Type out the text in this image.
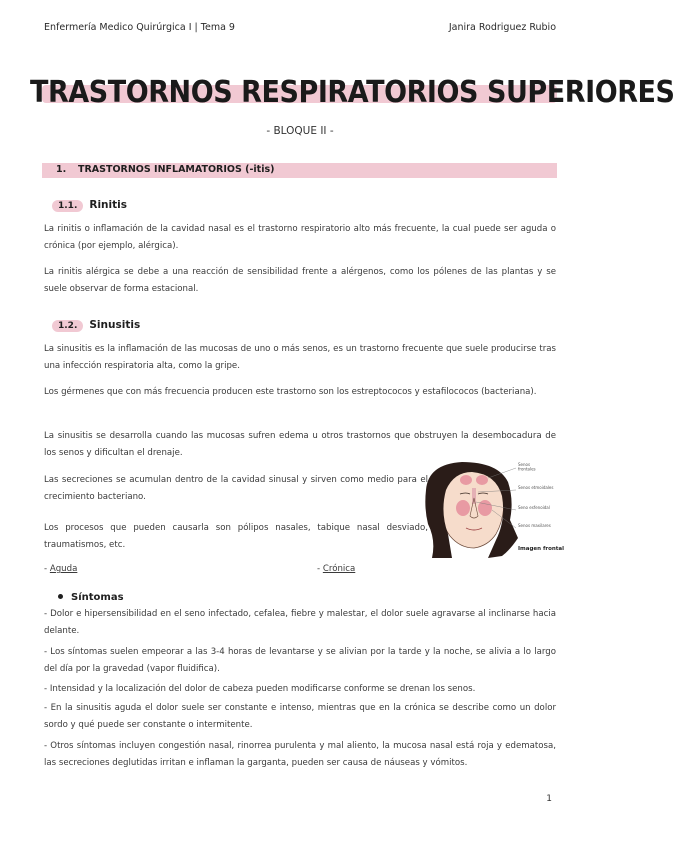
Enfermería Medico Quirúrgica I | Tema 9	Janira Rodriguez Rubio
TRASTORNOS RESPIRATORIOS SUPERIORES
- BLOQUE II -
1. TRASTORNOS INFLAMATORIOS (-itis)
1.1. Rinitis
La rinitis o inflamación de la cavidad nasal es el trastorno respiratorio alto más frecuente, la cual puede ser aguda o crónica (por ejemplo, alérgica).
La rinitis alérgica se debe a una reacción de sensibilidad frente a alérgenos, como los pólenes de las plantas y se suele observar de forma estacional.
1.2. Sinusitis
La sinusitis es la inflamación de las mucosas de uno o más senos, es un trastorno frecuente que suele producirse tras una infección respiratoria alta, como la gripe.
Los gérmenes que con más frecuencia producen este trastorno son los estreptococos y estafilococos (bacteriana).
La sinusitis se desarrolla cuando las mucosas sufren edema u otros trastornos que obstruyen la desembocadura de los senos y dificultan el drenaje.
Las secreciones se acumulan dentro de la cavidad sinusal y sirven como medio para el crecimiento bacteriano.
Los procesos que pueden causarla son pólipos nasales, tabique nasal desviado, traumatismos, etc.
- Aguda	- Crónica
Senos frontales
Senos etmoidales
Seno esfenoidal
Senos maxilares
Imagen frontal
Síntomas
- Dolor e hipersensibilidad en el seno infectado, cefalea, fiebre y malestar, el dolor suele agravarse al inclinarse hacia delante.
- Los síntomas suelen empeorar a las 3-4 horas de levantarse y se alivian por la tarde y la noche, se alivia a lo largo del día por la gravedad (vapor fluidifica).
- Intensidad y la localización del dolor de cabeza pueden modificarse conforme se drenan los senos.
- En la sinusitis aguda el dolor suele ser constante e intenso, mientras que en la crónica se describe como un dolor sordo y qué puede ser constante o intermitente.
- Otros síntomas incluyen congestión nasal, rinorrea purulenta y mal aliento, la mucosa nasal está roja y edematosa, las secreciones deglutidas irritan e inflaman la garganta, pueden ser causa de náuseas y vómitos.
1
